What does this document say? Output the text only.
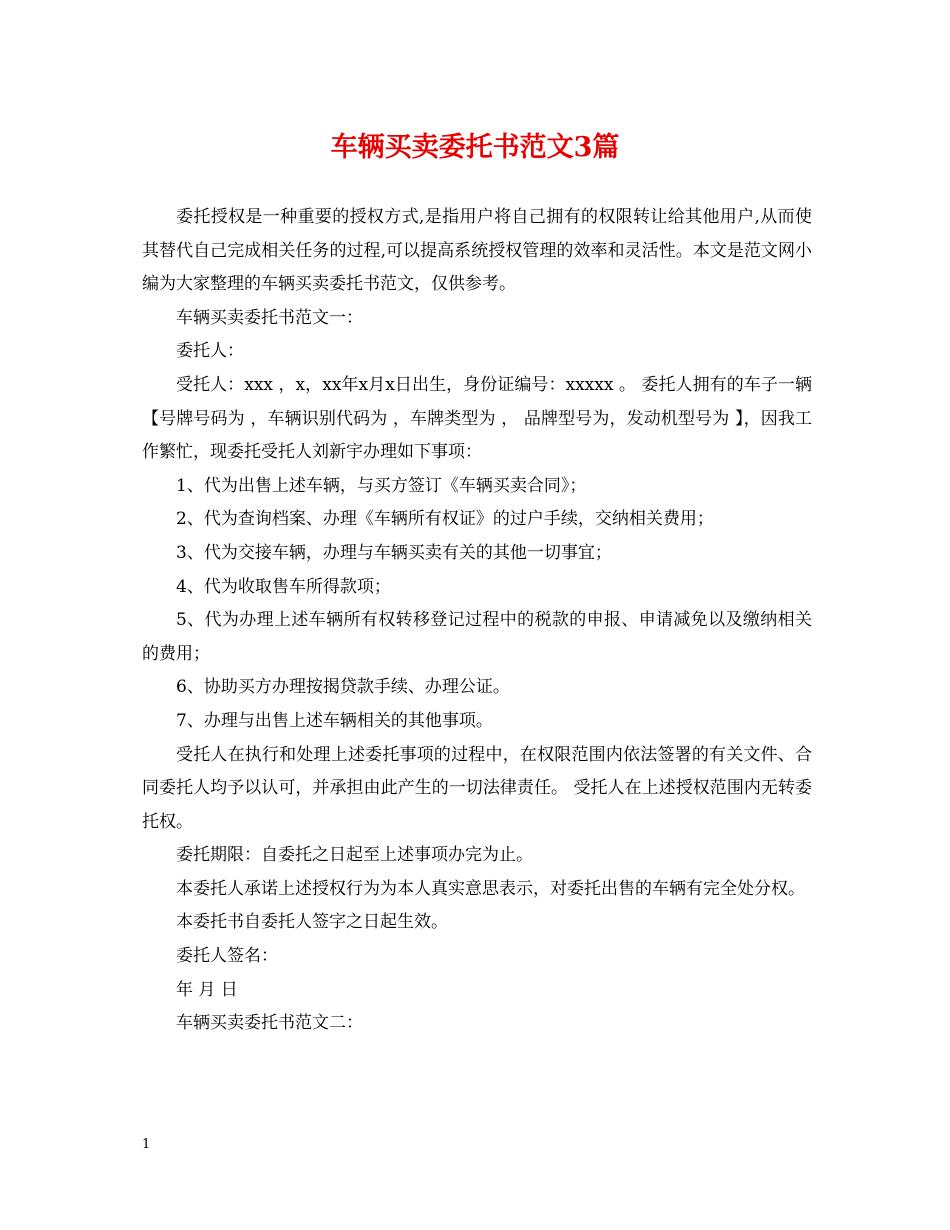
车辆买卖委托书范文3篇

委托授权是一种重要的授权方式,是指用户将自己拥有的权限转让给其他用户,从而使其替代自己完成相关任务的过程,可以提高系统授权管理的效率和灵活性。本文是范文网小编为大家整理的车辆买卖委托书范文，仅供参考。

车辆买卖委托书范文一：

委托人：

受托人：xxx ，x，xx年x月x日出生，身份证编号：xxxxx 。 委托人拥有的车子一辆【号牌号码为 ，车辆识别代码为 ，车牌类型为 ， 品牌型号为，发动机型号为 】，因我工作繁忙，现委托受托人刘新宇办理如下事项：

1、代为出售上述车辆，与买方签订《车辆买卖合同》；

2、代为查询档案、办理《车辆所有权证》的过户手续，交纳相关费用；

3、代为交接车辆，办理与车辆买卖有关的其他一切事宜；

4、代为收取售车所得款项；

5、代为办理上述车辆所有权转移登记过程中的税款的申报、申请减免以及缴纳相关的费用；

6、协助买方办理按揭贷款手续、办理公证。

7、办理与出售上述车辆相关的其他事项。

受托人在执行和处理上述委托事项的过程中，在权限范围内依法签署的有关文件、合同委托人均予以认可，并承担由此产生的一切法律责任。 受托人在上述授权范围内无转委托权。

委托期限：自委托之日起至上述事项办完为止。

本委托人承诺上述授权行为为本人真实意思表示，对委托出售的车辆有完全处分权。

本委托书自委托人签字之日起生效。

委托人签名：

年 月 日

车辆买卖委托书范文二：

1
